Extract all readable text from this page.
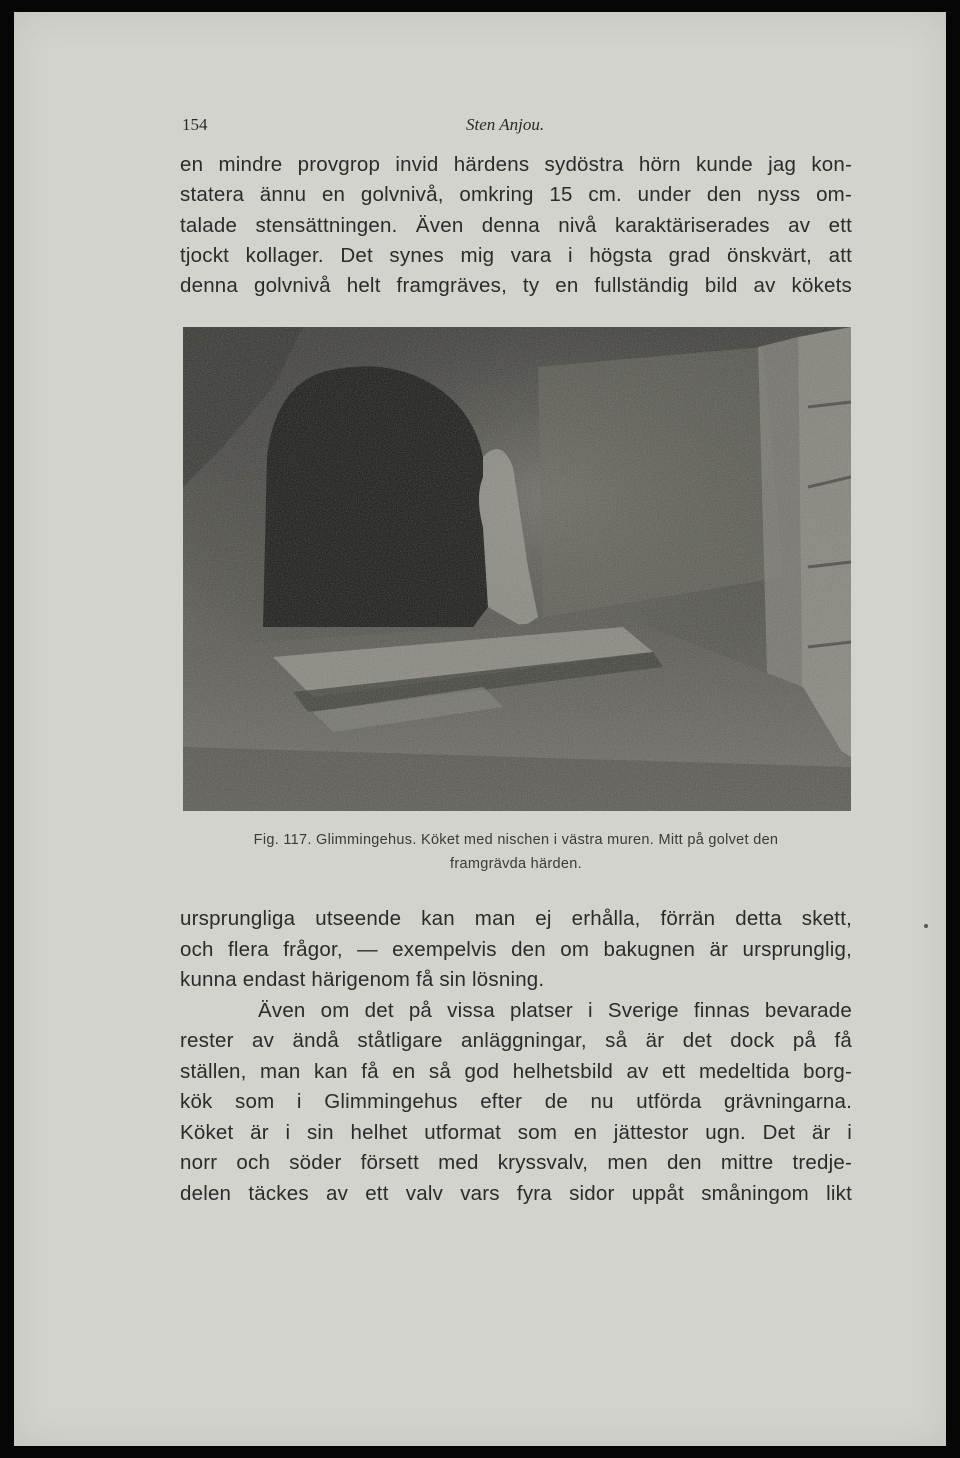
154	Sten Anjou.
en mindre provgrop invid härdens sydöstra hörn kunde jag kon-
statera ännu en golvnivå, omkring 15 cm. under den nyss om-
talade stensättningen. Även denna nivå karaktäriserades av ett
tjockt kollager. Det synes mig vara i högsta grad önskvärt, att
denna golvnivå helt framgräves, ty en fullständig bild av kökets
Fig. 117. Glimmingehus. Köket med nischen i västra muren. Mitt på golvet den
framgrävda härden.
ursprungliga utseende kan man ej erhålla, förrän detta skett,
och flera frågor, — exempelvis den om bakugnen är ursprunglig,
kunna endast härigenom få sin lösning.
Även om det på vissa platser i Sverige finnas bevarade
rester av ändå ståtligare anläggningar, så är det dock på få
ställen, man kan få en så god helhetsbild av ett medeltida borg-
kök som i Glimmingehus efter de nu utförda grävningarna.
Köket är i sin helhet utformat som en jättestor ugn. Det är i
norr och söder försett med kryssvalv, men den mittre tredje-
delen täckes av ett valv vars fyra sidor uppåt småningom likt
